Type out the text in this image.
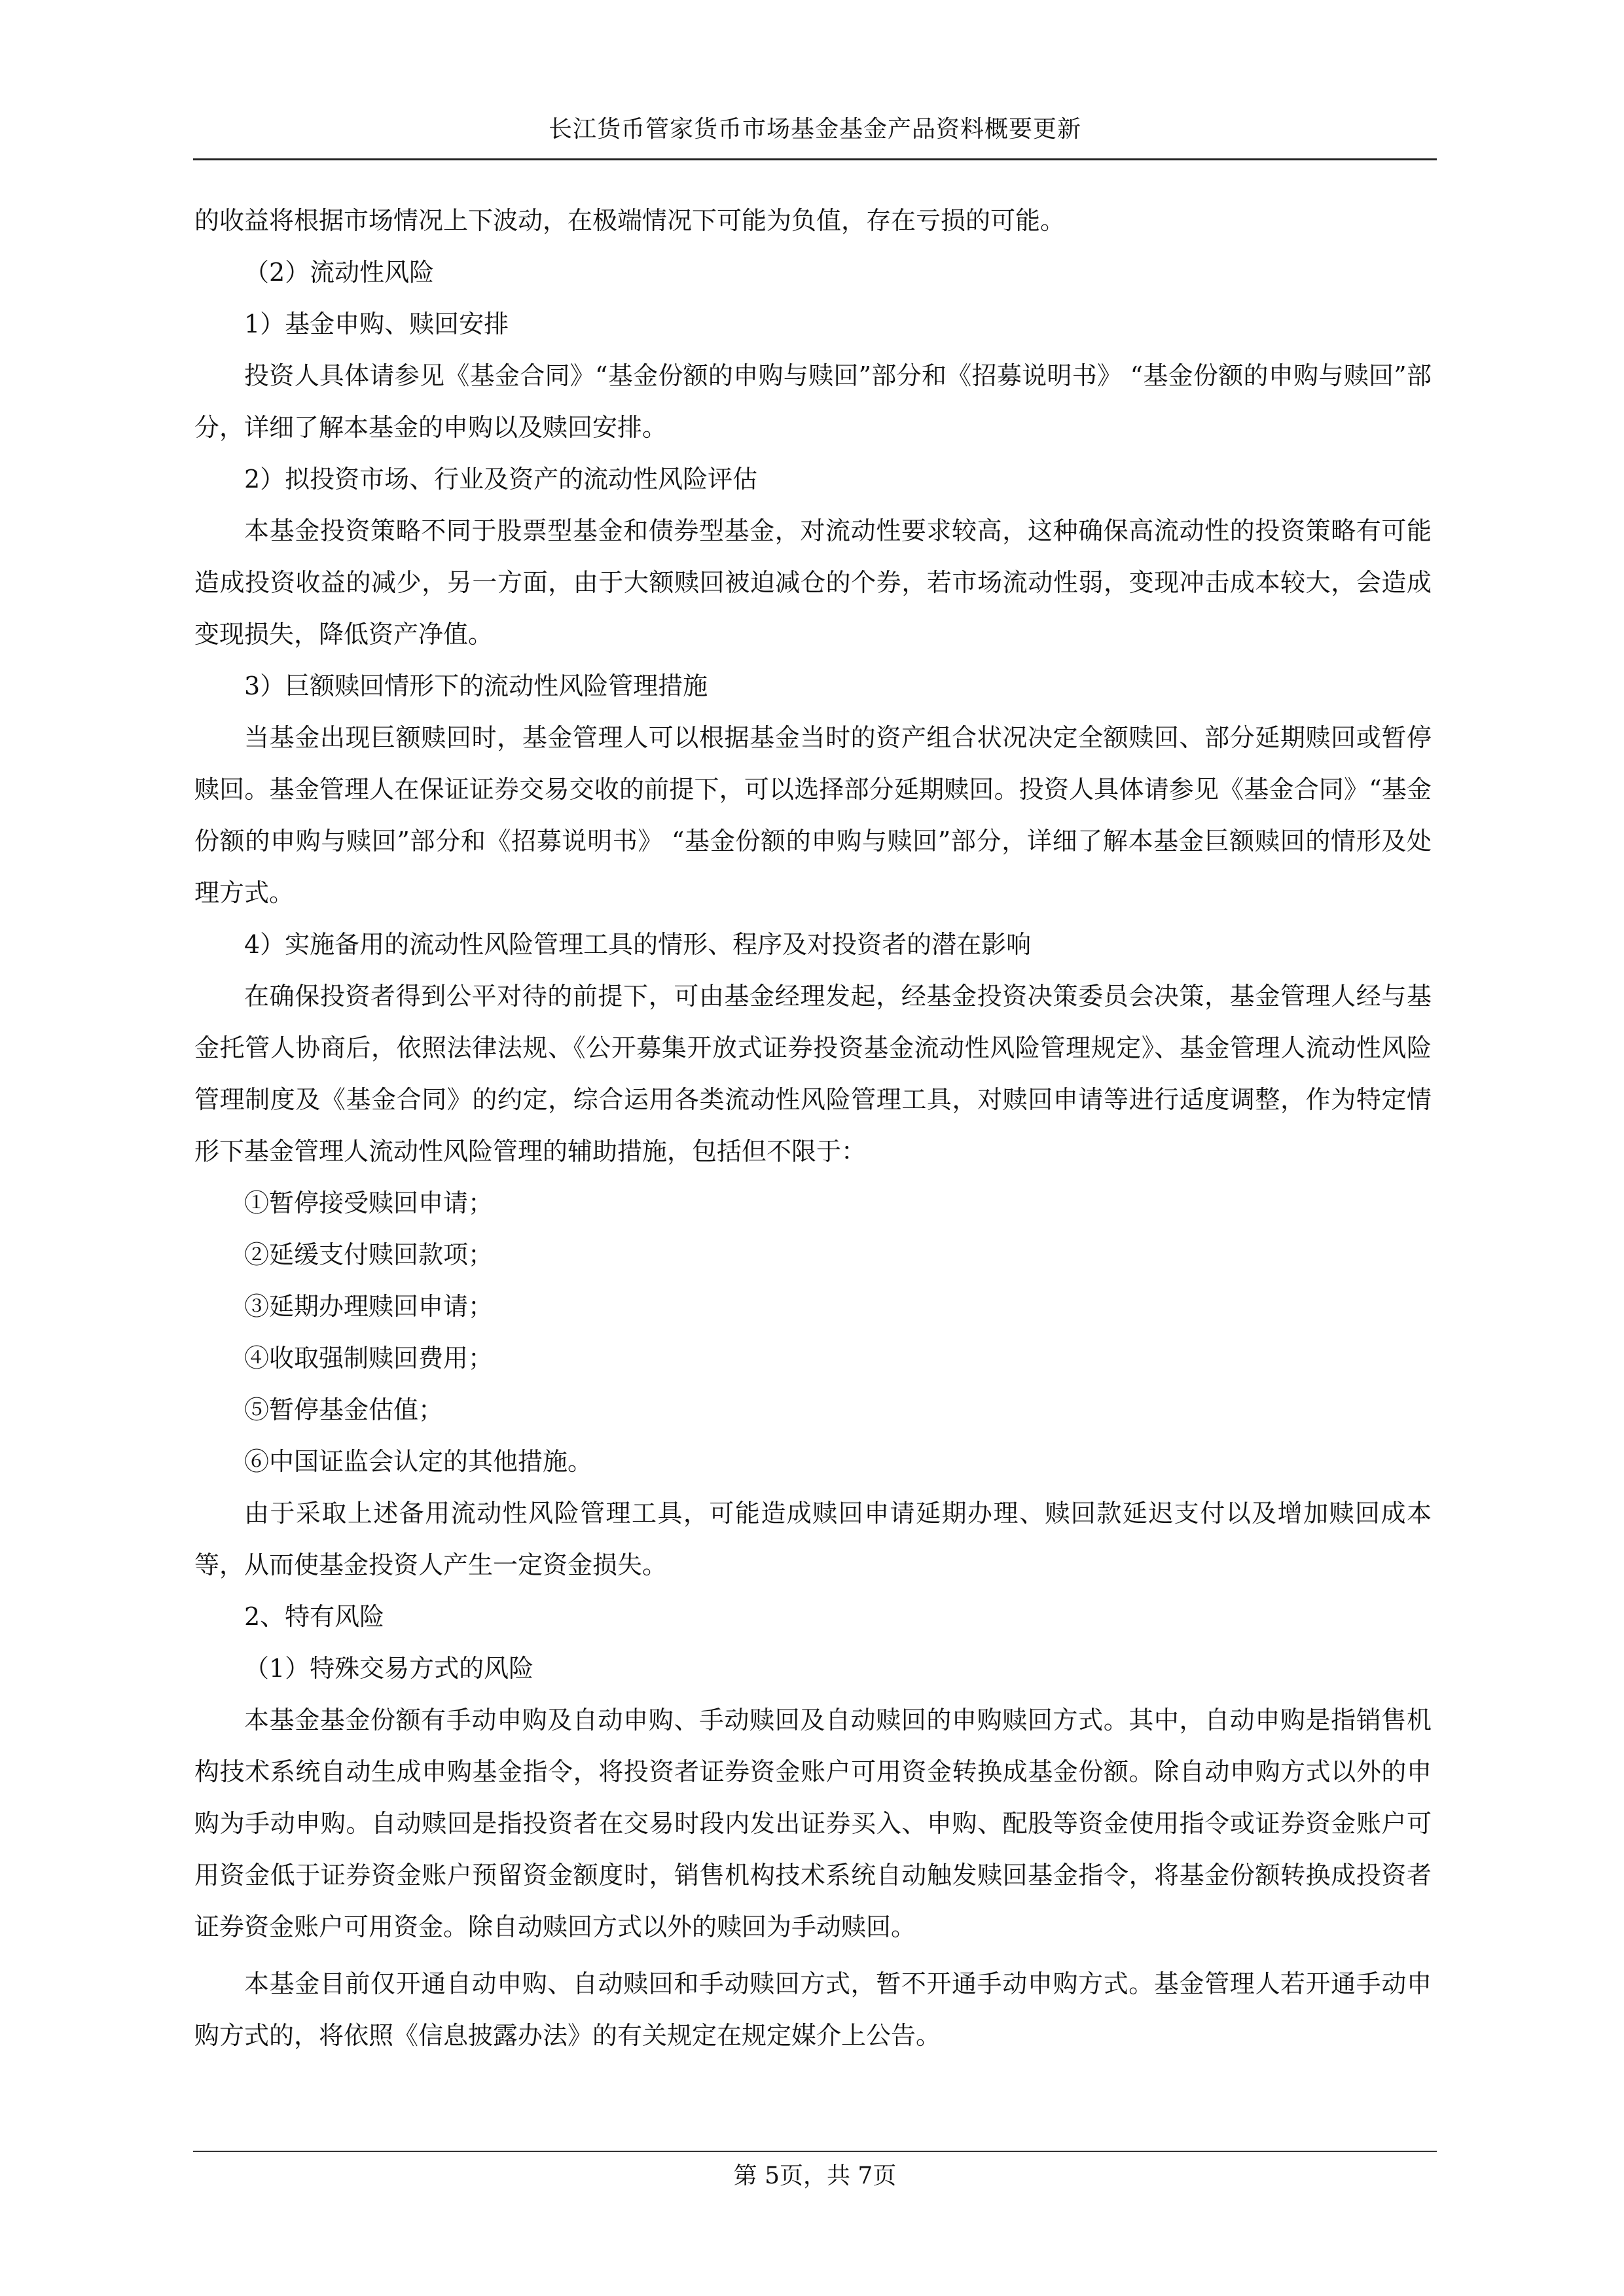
长江货币管家货币市场基金基金产品资料概要更新

的收益将根据市场情况上下波动，在极端情况下可能为负值，存在亏损的可能。

（2）流动性风险

1）基金申购、赎回安排

投资人具体请参见《基金合同》“基金份额的申购与赎回”部分和《招募说明书》 “基金份额的申购与赎回”部分，详细了解本基金的申购以及赎回安排。

2）拟投资市场、行业及资产的流动性风险评估

本基金投资策略不同于股票型基金和债券型基金，对流动性要求较高，这种确保高流动性的投资策略有可能造成投资收益的减少，另一方面，由于大额赎回被迫减仓的个券，若市场流动性弱，变现冲击成本较大，会造成变现损失，降低资产净值。

3）巨额赎回情形下的流动性风险管理措施

当基金出现巨额赎回时，基金管理人可以根据基金当时的资产组合状况决定全额赎回、部分延期赎回或暂停赎回。基金管理人在保证证券交易交收的前提下，可以选择部分延期赎回。投资人具体请参见《基金合同》“基金份额的申购与赎回”部分和《招募说明书》 “基金份额的申购与赎回”部分，详细了解本基金巨额赎回的情形及处理方式。

4）实施备用的流动性风险管理工具的情形、程序及对投资者的潜在影响

在确保投资者得到公平对待的前提下，可由基金经理发起，经基金投资决策委员会决策，基金管理人经与基金托管人协商后，依照法律法规、《公开募集开放式证券投资基金流动性风险管理规定》、基金管理人流动性风险管理制度及《基金合同》的约定，综合运用各类流动性风险管理工具，对赎回申请等进行适度调整，作为特定情形下基金管理人流动性风险管理的辅助措施，包括但不限于：

①暂停接受赎回申请；

②延缓支付赎回款项；

③延期办理赎回申请；

④收取强制赎回费用；

⑤暂停基金估值；

⑥中国证监会认定的其他措施。

由于采取上述备用流动性风险管理工具，可能造成赎回申请延期办理、赎回款延迟支付以及增加赎回成本等，从而使基金投资人产生一定资金损失。

2、特有风险

（1）特殊交易方式的风险

本基金基金份额有手动申购及自动申购、手动赎回及自动赎回的申购赎回方式。其中，自动申购是指销售机构技术系统自动生成申购基金指令，将投资者证券资金账户可用资金转换成基金份额。除自动申购方式以外的申购为手动申购。自动赎回是指投资者在交易时段内发出证券买入、申购、配股等资金使用指令或证券资金账户可用资金低于证券资金账户预留资金额度时，销售机构技术系统自动触发赎回基金指令，将基金份额转换成投资者证券资金账户可用资金。除自动赎回方式以外的赎回为手动赎回。

本基金目前仅开通自动申购、自动赎回和手动赎回方式，暂不开通手动申购方式。基金管理人若开通手动申购方式的，将依照《信息披露办法》的有关规定在规定媒介上公告。

第 5页，共 7页
